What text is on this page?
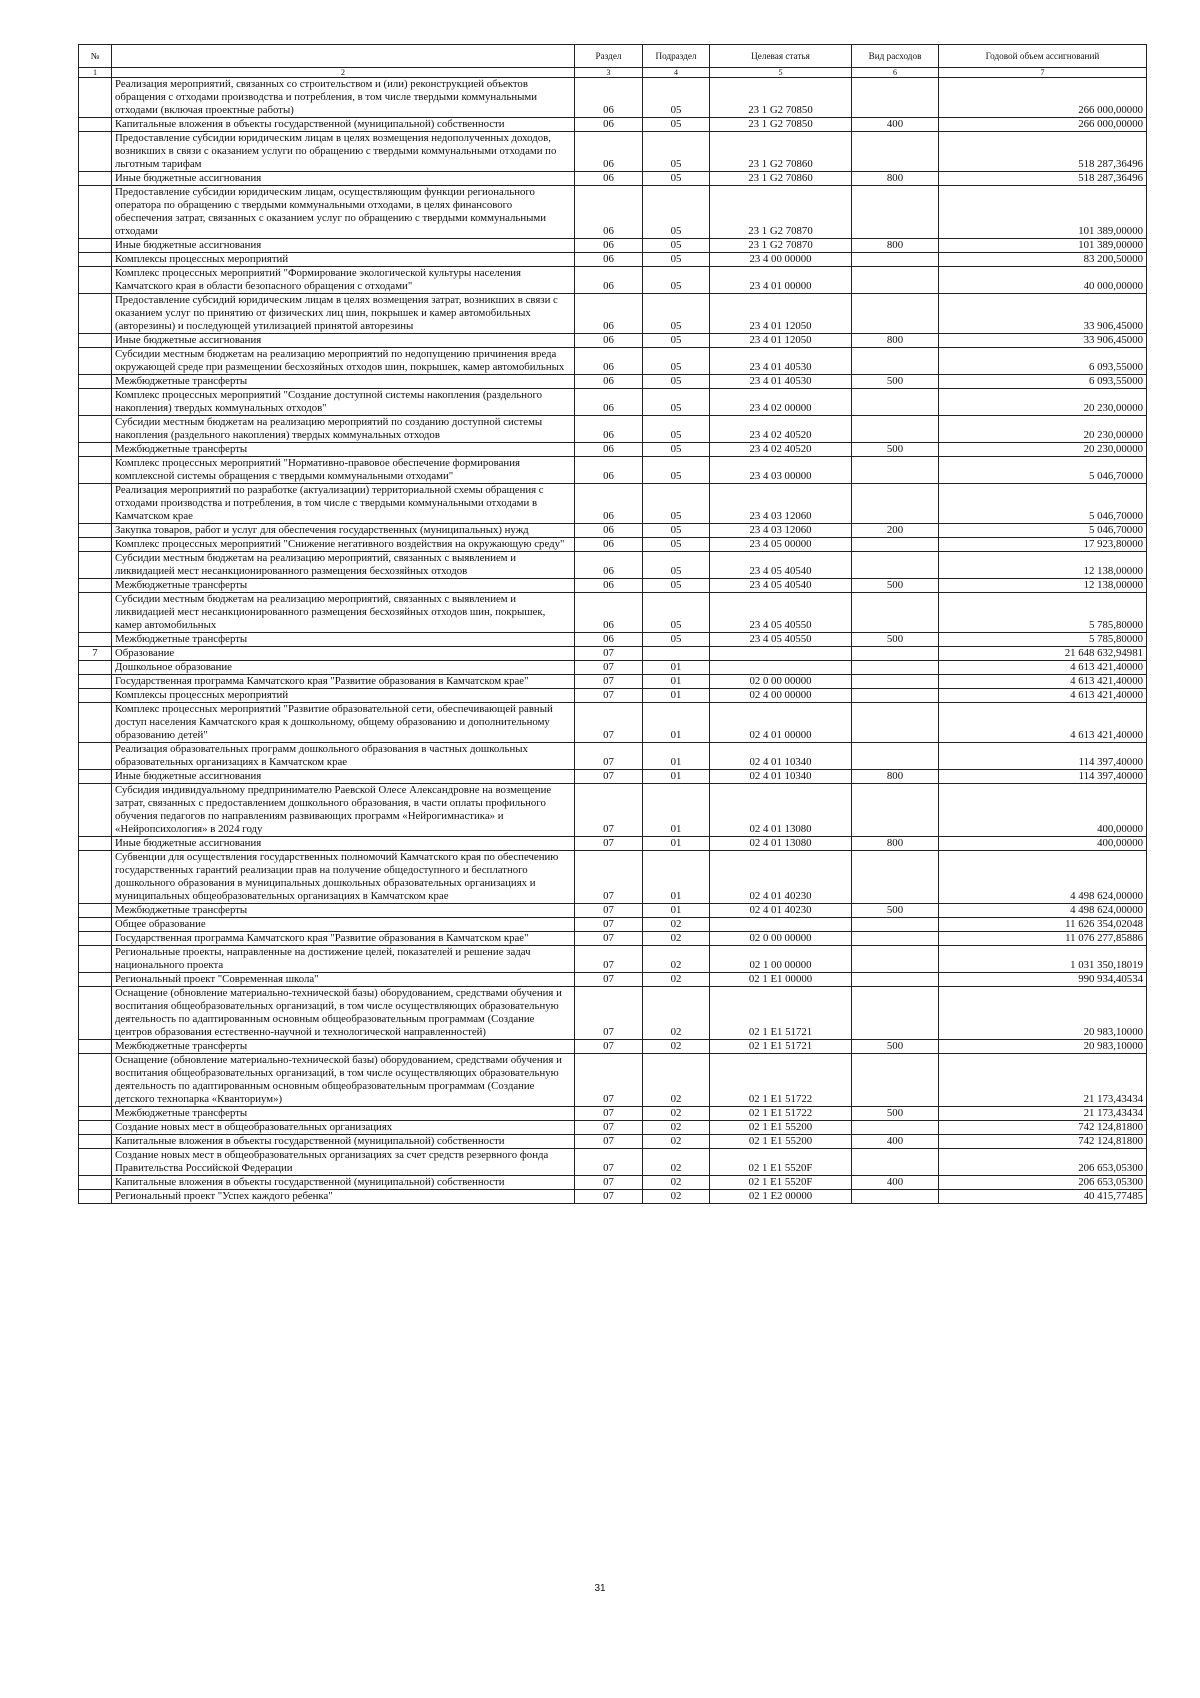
№		Раздел	Подраздел	Целевая статья	Вид расходов	Годовой объем ассигнований
1	2	3	4	5	6	7
	Реализация мероприятий, связанных со строительством и (или) реконструкцией объектов обращения с отходами производства и потребления, в том числе твердыми коммунальными отходами (включая проектные работы)	06	05	23 1 G2 70850		266 000,00000
	Капитальные вложения в объекты государственной (муниципальной) собственности	06	05	23 1 G2 70850	400	266 000,00000
	Предоставление субсидии юридическим лицам в целях возмещения недополученных доходов, возникших в связи с оказанием услуги по обращению с твердыми коммунальными отходами по льготным тарифам	06	05	23 1 G2 70860		518 287,36496
	Иные бюджетные ассигнования	06	05	23 1 G2 70860	800	518 287,36496
	Предоставление субсидии юридическим лицам, осуществляющим функции регионального оператора по обращению с твердыми коммунальными отходами, в целях финансового обеспечения затрат, связанных с оказанием услуг по обращению с твердыми коммунальными отходами	06	05	23 1 G2 70870		101 389,00000
	Иные бюджетные ассигнования	06	05	23 1 G2 70870	800	101 389,00000
	Комплексы процессных мероприятий	06	05	23 4 00 00000		83 200,50000
	Комплекс процессных мероприятий "Формирование экологической культуры населения Камчатского края в области безопасного обращения с отходами"	06	05	23 4 01 00000		40 000,00000
	Предоставление субсидий юридическим лицам в целях возмещения затрат, возникших в связи с оказанием услуг по принятию от физических лиц шин, покрышек и камер автомобильных (авторезины) и последующей утилизацией принятой авторезины	06	05	23 4 01 12050		33 906,45000
	Иные бюджетные ассигнования	06	05	23 4 01 12050	800	33 906,45000
	Субсидии местным бюджетам на реализацию мероприятий по недопущению причинения вреда окружающей среде при размещении бесхозяйных отходов шин, покрышек, камер автомобильных	06	05	23 4 01 40530		6 093,55000
	Межбюджетные трансферты	06	05	23 4 01 40530	500	6 093,55000
	Комплекс процессных мероприятий "Создание доступной системы накопления (раздельного накопления) твердых коммунальных отходов"	06	05	23 4 02 00000		20 230,00000
	Субсидии местным бюджетам на реализацию мероприятий по созданию доступной системы накопления (раздельного накопления) твердых коммунальных отходов	06	05	23 4 02 40520		20 230,00000
	Межбюджетные трансферты	06	05	23 4 02 40520	500	20 230,00000
	Комплекс процессных мероприятий "Нормативно-правовое обеспечение формирования комплексной системы обращения с твердыми коммунальными отходами"	06	05	23 4 03 00000		5 046,70000
	Реализация мероприятий по разработке (актуализации) территориальной схемы обращения с отходами производства и потребления, в том числе с твердыми коммунальными отходами в Камчатском крае	06	05	23 4 03 12060		5 046,70000
	Закупка товаров, работ и услуг для обеспечения государственных (муниципальных) нужд	06	05	23 4 03 12060	200	5 046,70000
	Комплекс процессных мероприятий "Снижение негативного воздействия на окружающую среду"	06	05	23 4 05 00000		17 923,80000
	Субсидии местным бюджетам на реализацию мероприятий, связанных с выявлением и ликвидацией мест несанкционированного размещения бесхозяйных отходов	06	05	23 4 05 40540		12 138,00000
	Межбюджетные трансферты	06	05	23 4 05 40540	500	12 138,00000
	Субсидии местным бюджетам на реализацию мероприятий, связанных с выявлением и ликвидацией мест несанкционированного размещения бесхозяйных отходов шин, покрышек, камер автомобильных	06	05	23 4 05 40550		5 785,80000
	Межбюджетные трансферты	06	05	23 4 05 40550	500	5 785,80000
7	Образование	07				21 648 632,94981
	Дошкольное образование	07	01			4 613 421,40000
	Государственная программа Камчатского края "Развитие образования в Камчатском крае"	07	01	02 0 00 00000		4 613 421,40000
	Комплексы процессных мероприятий	07	01	02 4 00 00000		4 613 421,40000
	Комплекс процессных мероприятий "Развитие образовательной сети, обеспечивающей равный доступ населения Камчатского края к дошкольному, общему образованию и дополнительному образованию детей"	07	01	02 4 01 00000		4 613 421,40000
	Реализация образовательных программ дошкольного образования в частных дошкольных образовательных организациях в Камчатском крае	07	01	02 4 01 10340		114 397,40000
	Иные бюджетные ассигнования	07	01	02 4 01 10340	800	114 397,40000
	Субсидия индивидуальному предпринимателю Раевской Олесе Александровне на возмещение затрат, связанных с предоставлением дошкольного образования, в части оплаты профильного обучения педагогов по направлениям развивающих программ «Нейрогимнастика» и «Нейропсихология» в 2024 году	07	01	02 4 01 13080		400,00000
	Иные бюджетные ассигнования	07	01	02 4 01 13080	800	400,00000
	Субвенции для осуществления государственных полномочий Камчатского края по обеспечению государственных гарантий реализации прав на получение общедоступного и бесплатного дошкольного образования в муниципальных дошкольных образовательных организациях и муниципальных общеобразовательных организациях в Камчатском крае	07	01	02 4 01 40230		4 498 624,00000
	Межбюджетные трансферты	07	01	02 4 01 40230	500	4 498 624,00000
	Общее образование	07	02			11 626 354,02048
	Государственная программа Камчатского края "Развитие образования в Камчатском крае"	07	02	02 0 00 00000		11 076 277,85886
	Региональные проекты, направленные на достижение целей, показателей и решение задач национального проекта	07	02	02 1 00 00000		1 031 350,18019
	Региональный проект "Современная школа"	07	02	02 1 E1 00000		990 934,40534
	Оснащение (обновление материально-технической базы) оборудованием, средствами обучения и воспитания общеобразовательных организаций, в том числе осуществляющих образовательную деятельность по адаптированным основным общеобразовательным программам (Создание центров образования естественно-научной и технологической направленностей)	07	02	02 1 E1 51721		20 983,10000
	Межбюджетные трансферты	07	02	02 1 E1 51721	500	20 983,10000
	Оснащение (обновление материально-технической базы) оборудованием, средствами обучения и воспитания общеобразовательных организаций, в том числе осуществляющих образовательную деятельность по адаптированным основным общеобразовательным программам (Создание детского технопарка «Кванториум»)	07	02	02 1 E1 51722		21 173,43434
	Межбюджетные трансферты	07	02	02 1 E1 51722	500	21 173,43434
	Создание новых мест в общеобразовательных организациях	07	02	02 1 E1 55200		742 124,81800
	Капитальные вложения в объекты государственной (муниципальной) собственности	07	02	02 1 E1 55200	400	742 124,81800
	Создание новых мест в общеобразовательных организациях за счет средств резервного фонда Правительства Российской Федерации	07	02	02 1 E1 5520F		206 653,05300
	Капитальные вложения в объекты государственной (муниципальной) собственности	07	02	02 1 E1 5520F	400	206 653,05300
	Региональный проект "Успех каждого ребенка"	07	02	02 1 E2 00000		40 415,77485
31
